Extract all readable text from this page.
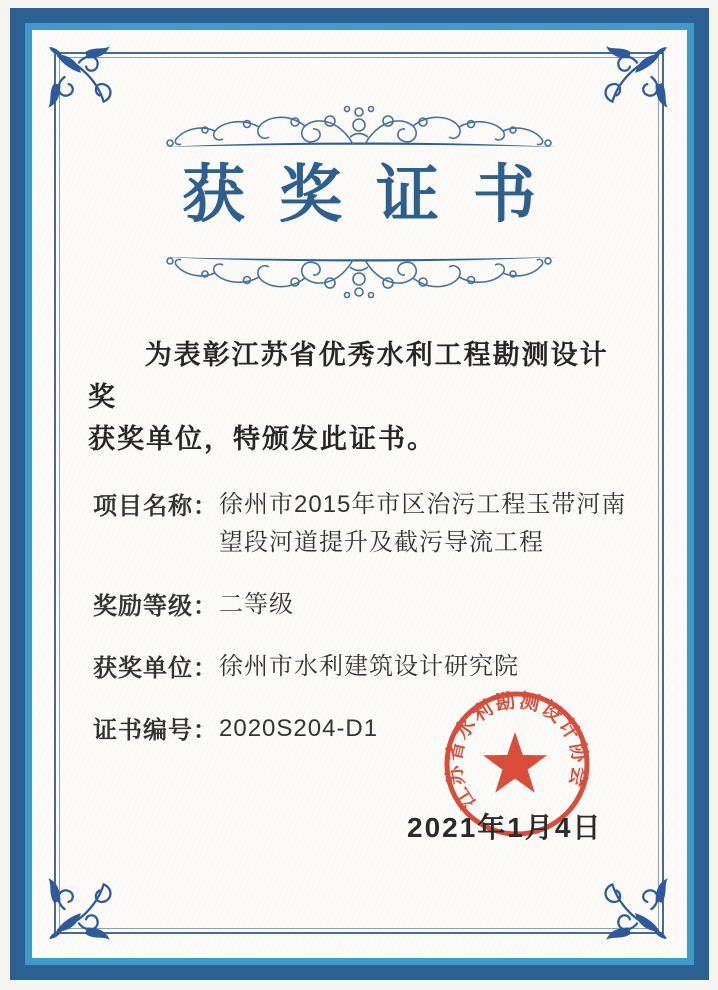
获奖证书
为表彰江苏省优秀水利工程勘测设计奖
获奖单位，特颁发此证书。
项目名称： 徐州市2015年市区治污工程玉带河南
望段河道提升及截污导流工程
奖励等级： 二等级
获奖单位： 徐州市水利建筑设计研究院
证书编号： 2020S204-D1
江苏省水利勘测设计协会
2021年1月4日
